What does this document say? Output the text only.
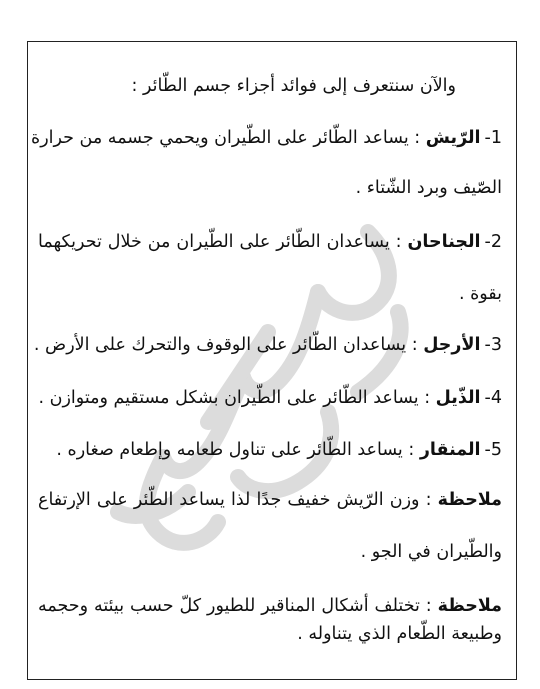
والآن سنتعرف إلى فوائد أجزاء جسم الطّائر :
1-الرّيش : يساعد الطّائر على الطّيران ويحمي جسمه من حرارة
الصّيف وبرد الشّتاء .
2-الجناحان : يساعدان الطّائر على الطّيران من خلال تحريكهما
بقوة .
3-الأرجل : يساعدان الطّائر على الوقوف والتحرك على الأرض .
4-الذّيل : يساعد الطّائر على الطّيران بشكل مستقيم ومتوازن .
5-المنقار : يساعد الطّائر على تناول طعامه وإطعام صغاره .
ملاحظة : وزن الرّيش خفيف جدًا لذا يساعد الطّئر على الإرتفاع
والطّيران في الجو .
ملاحظة : تختلف أشكال المناقير للطيور كلّ حسب بيئته وحجمه
وطبيعة الطّعام الذي يتناوله .
